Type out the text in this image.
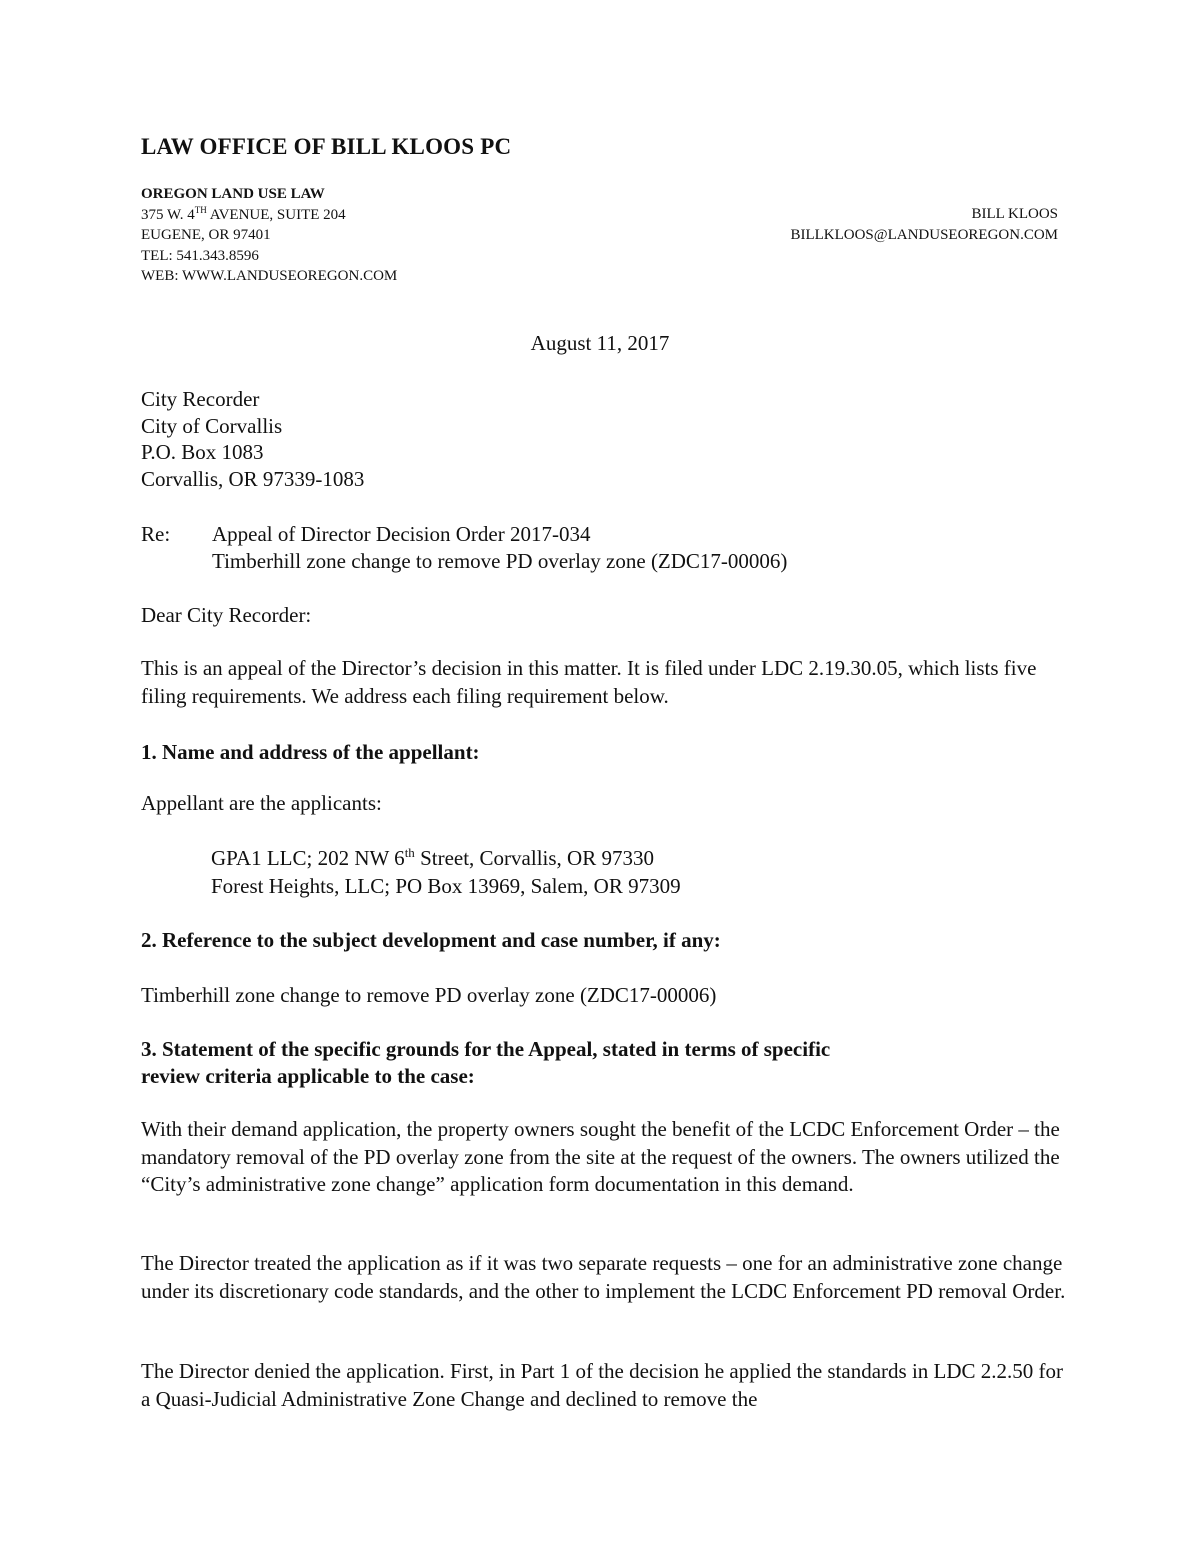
LAW OFFICE OF BILL KLOOS PC
OREGON LAND USE LAW
375 W. 4TH AVENUE, SUITE 204
EUGENE, OR 97401
TEL: 541.343.8596
WEB: WWW.LANDUSEOREGON.COM
BILL KLOOS
BILLKLOOS@LANDUSEOREGON.COM
August 11, 2017
City Recorder
City of Corvallis
P.O. Box 1083
Corvallis, OR 97339-1083
Re: Appeal of Director Decision Order 2017-034
Timberhill zone change to remove PD overlay zone (ZDC17-00006)
Dear City Recorder:
This is an appeal of the Director’s decision in this matter. It is filed under LDC 2.19.30.05, which lists five filing requirements. We address each filing requirement below.
1. Name and address of the appellant:
Appellant are the applicants:
GPA1 LLC; 202 NW 6th Street, Corvallis, OR 97330
Forest Heights, LLC; PO Box 13969, Salem, OR 97309
2. Reference to the subject development and case number, if any:
Timberhill zone change to remove PD overlay zone (ZDC17-00006)
3. Statement of the specific grounds for the Appeal, stated in terms of specific
review criteria applicable to the case:
With their demand application, the property owners sought the benefit of the LCDC Enforcement Order – the mandatory removal of the PD overlay zone from the site at the request of the owners. The owners utilized the “City’s administrative zone change” application form documentation in this demand.
The Director treated the application as if it was two separate requests – one for an administrative zone change under its discretionary code standards, and the other to implement the LCDC Enforcement PD removal Order.
The Director denied the application. First, in Part 1 of the decision he applied the standards in LDC 2.2.50 for a Quasi-Judicial Administrative Zone Change and declined to remove the
